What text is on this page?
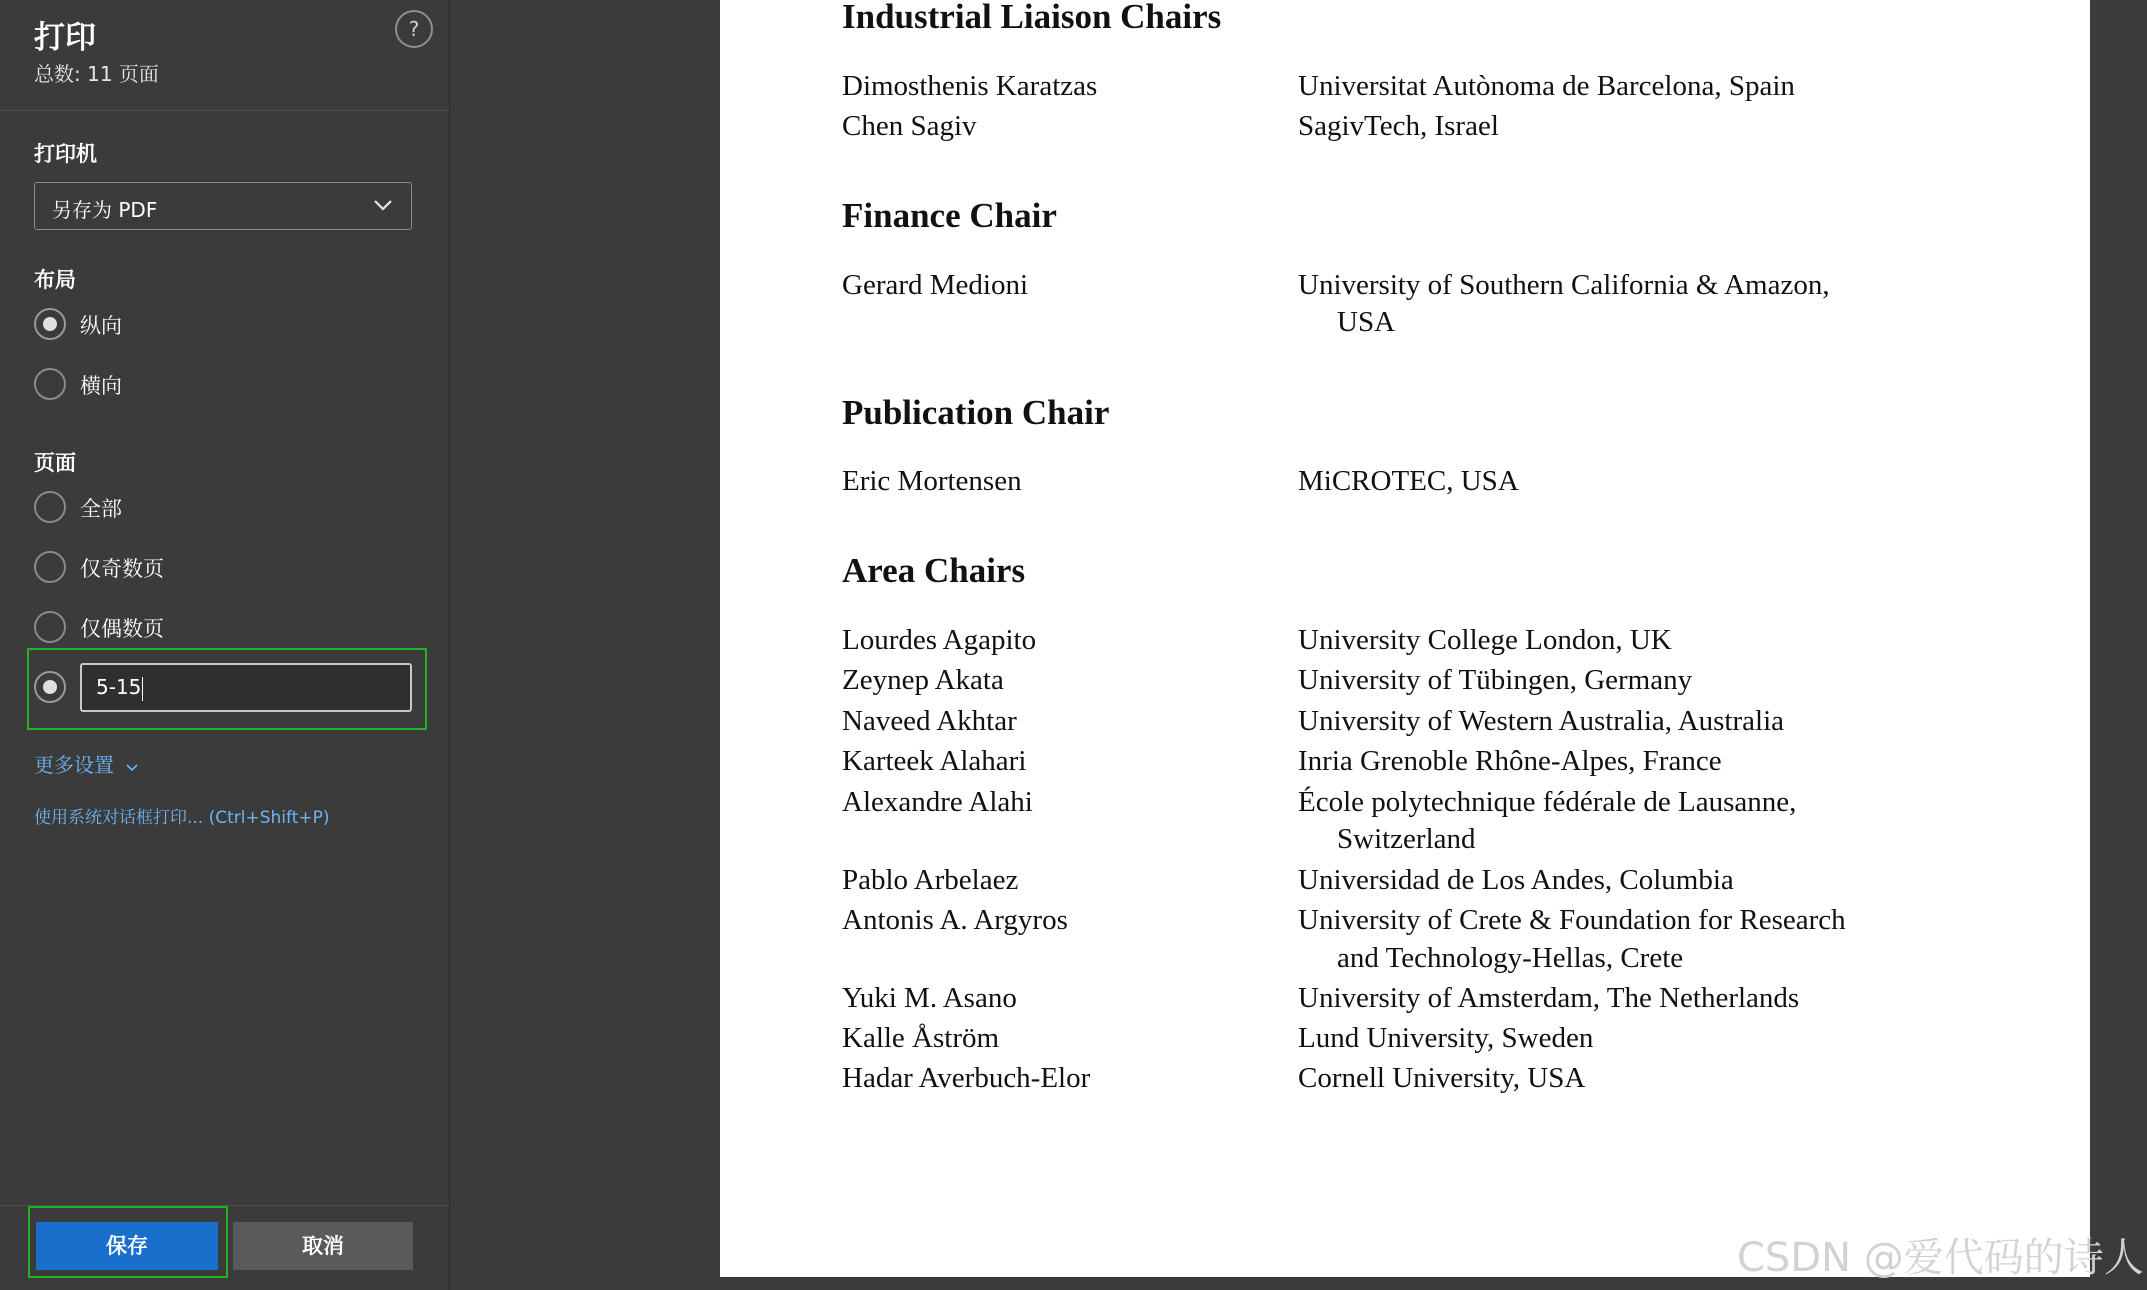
打印
总数: 11 页面
?
打印机
另存为 PDF
布局
纵向
横向
页面
全部
仅奇数页
仅偶数页
5-15
更多设置
使用系统对话框打印... (Ctrl+Shift+P)
保存	取消
Industrial Liaison Chairs
Dimosthenis Karatzas	Universitat Autònoma de Barcelona, Spain
Chen Sagiv	SagivTech, Israel
Finance Chair
Gerard Medioni	University of Southern California & Amazon,
USA
Publication Chair
Eric Mortensen	MiCROTEC, USA
Area Chairs
Lourdes Agapito	University College London, UK
Zeynep Akata	University of Tübingen, Germany
Naveed Akhtar	University of Western Australia, Australia
Karteek Alahari	Inria Grenoble Rhône-Alpes, France
Alexandre Alahi	École polytechnique fédérale de Lausanne,
Switzerland
Pablo Arbelaez	Universidad de Los Andes, Columbia
Antonis A. Argyros	University of Crete & Foundation for Research
and Technology-Hellas, Crete
Yuki M. Asano	University of Amsterdam, The Netherlands
Kalle Åström	Lund University, Sweden
Hadar Averbuch-Elor	Cornell University, USA
CSDN @爱代码的诗人
